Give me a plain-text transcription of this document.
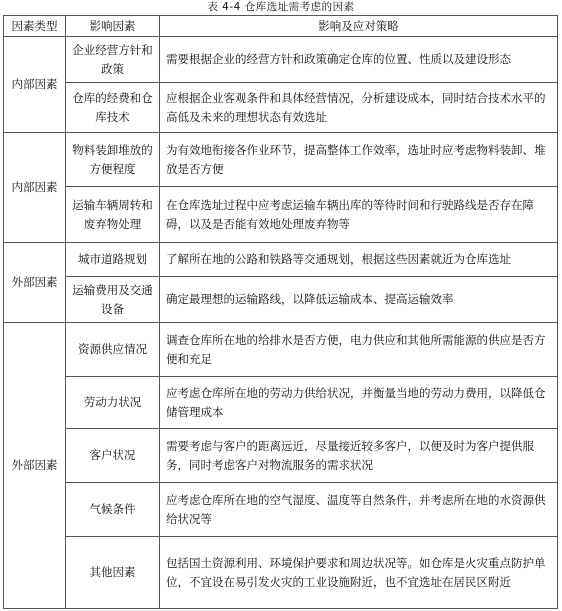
表 4-4 仓库选址需考虑的因素
因素类型	影响因素	影响及应对策略
内部因素	企业经营方针和政策	需要根据企业的经营方针和政策确定仓库的位置、性质以及建设形态
	仓库的经费和仓库技术	应根据企业客观条件和具体经营情况，分析建设成本，同时结合技术水平的高低及未来的理想状态有效选址
内部因素	物料装卸堆放的方便程度	为有效地衔接各作业环节，提高整体工作效率，选址时应考虑物料装卸、堆放是否方便
	运输车辆周转和废弃物处理	在仓库选址过程中应考虑运输车辆出库的等待时间和行驶路线是否存在障碍，以及是否能有效地处理废弃物等
外部因素	城市道路规划	了解所在地的公路和铁路等交通规划，根据这些因素就近为仓库选址
	运输费用及交通设备	确定最理想的运输路线，以降低运输成本、提高运输效率
外部因素	资源供应情况	调查仓库所在地的给排水是否方便，电力供应和其他所需能源的供应是否方便和充足
	劳动力状况	应考虑仓库所在地的劳动力供给状况，并衡量当地的劳动力费用，以降低仓储管理成本
	客户状况	需要考虑与客户的距离远近，尽量接近较多客户，以便及时为客户提供服务，同时考虑客户对物流服务的需求状况
	气候条件	应考虑仓库所在地的空气湿度、温度等自然条件，并考虑所在地的水资源供给状况等
	其他因素	包括国土资源利用、环境保护要求和周边状况等。如仓库是火灾重点防护单位，不宜设在易引发火灾的工业设施附近，也不宜选址在居民区附近
